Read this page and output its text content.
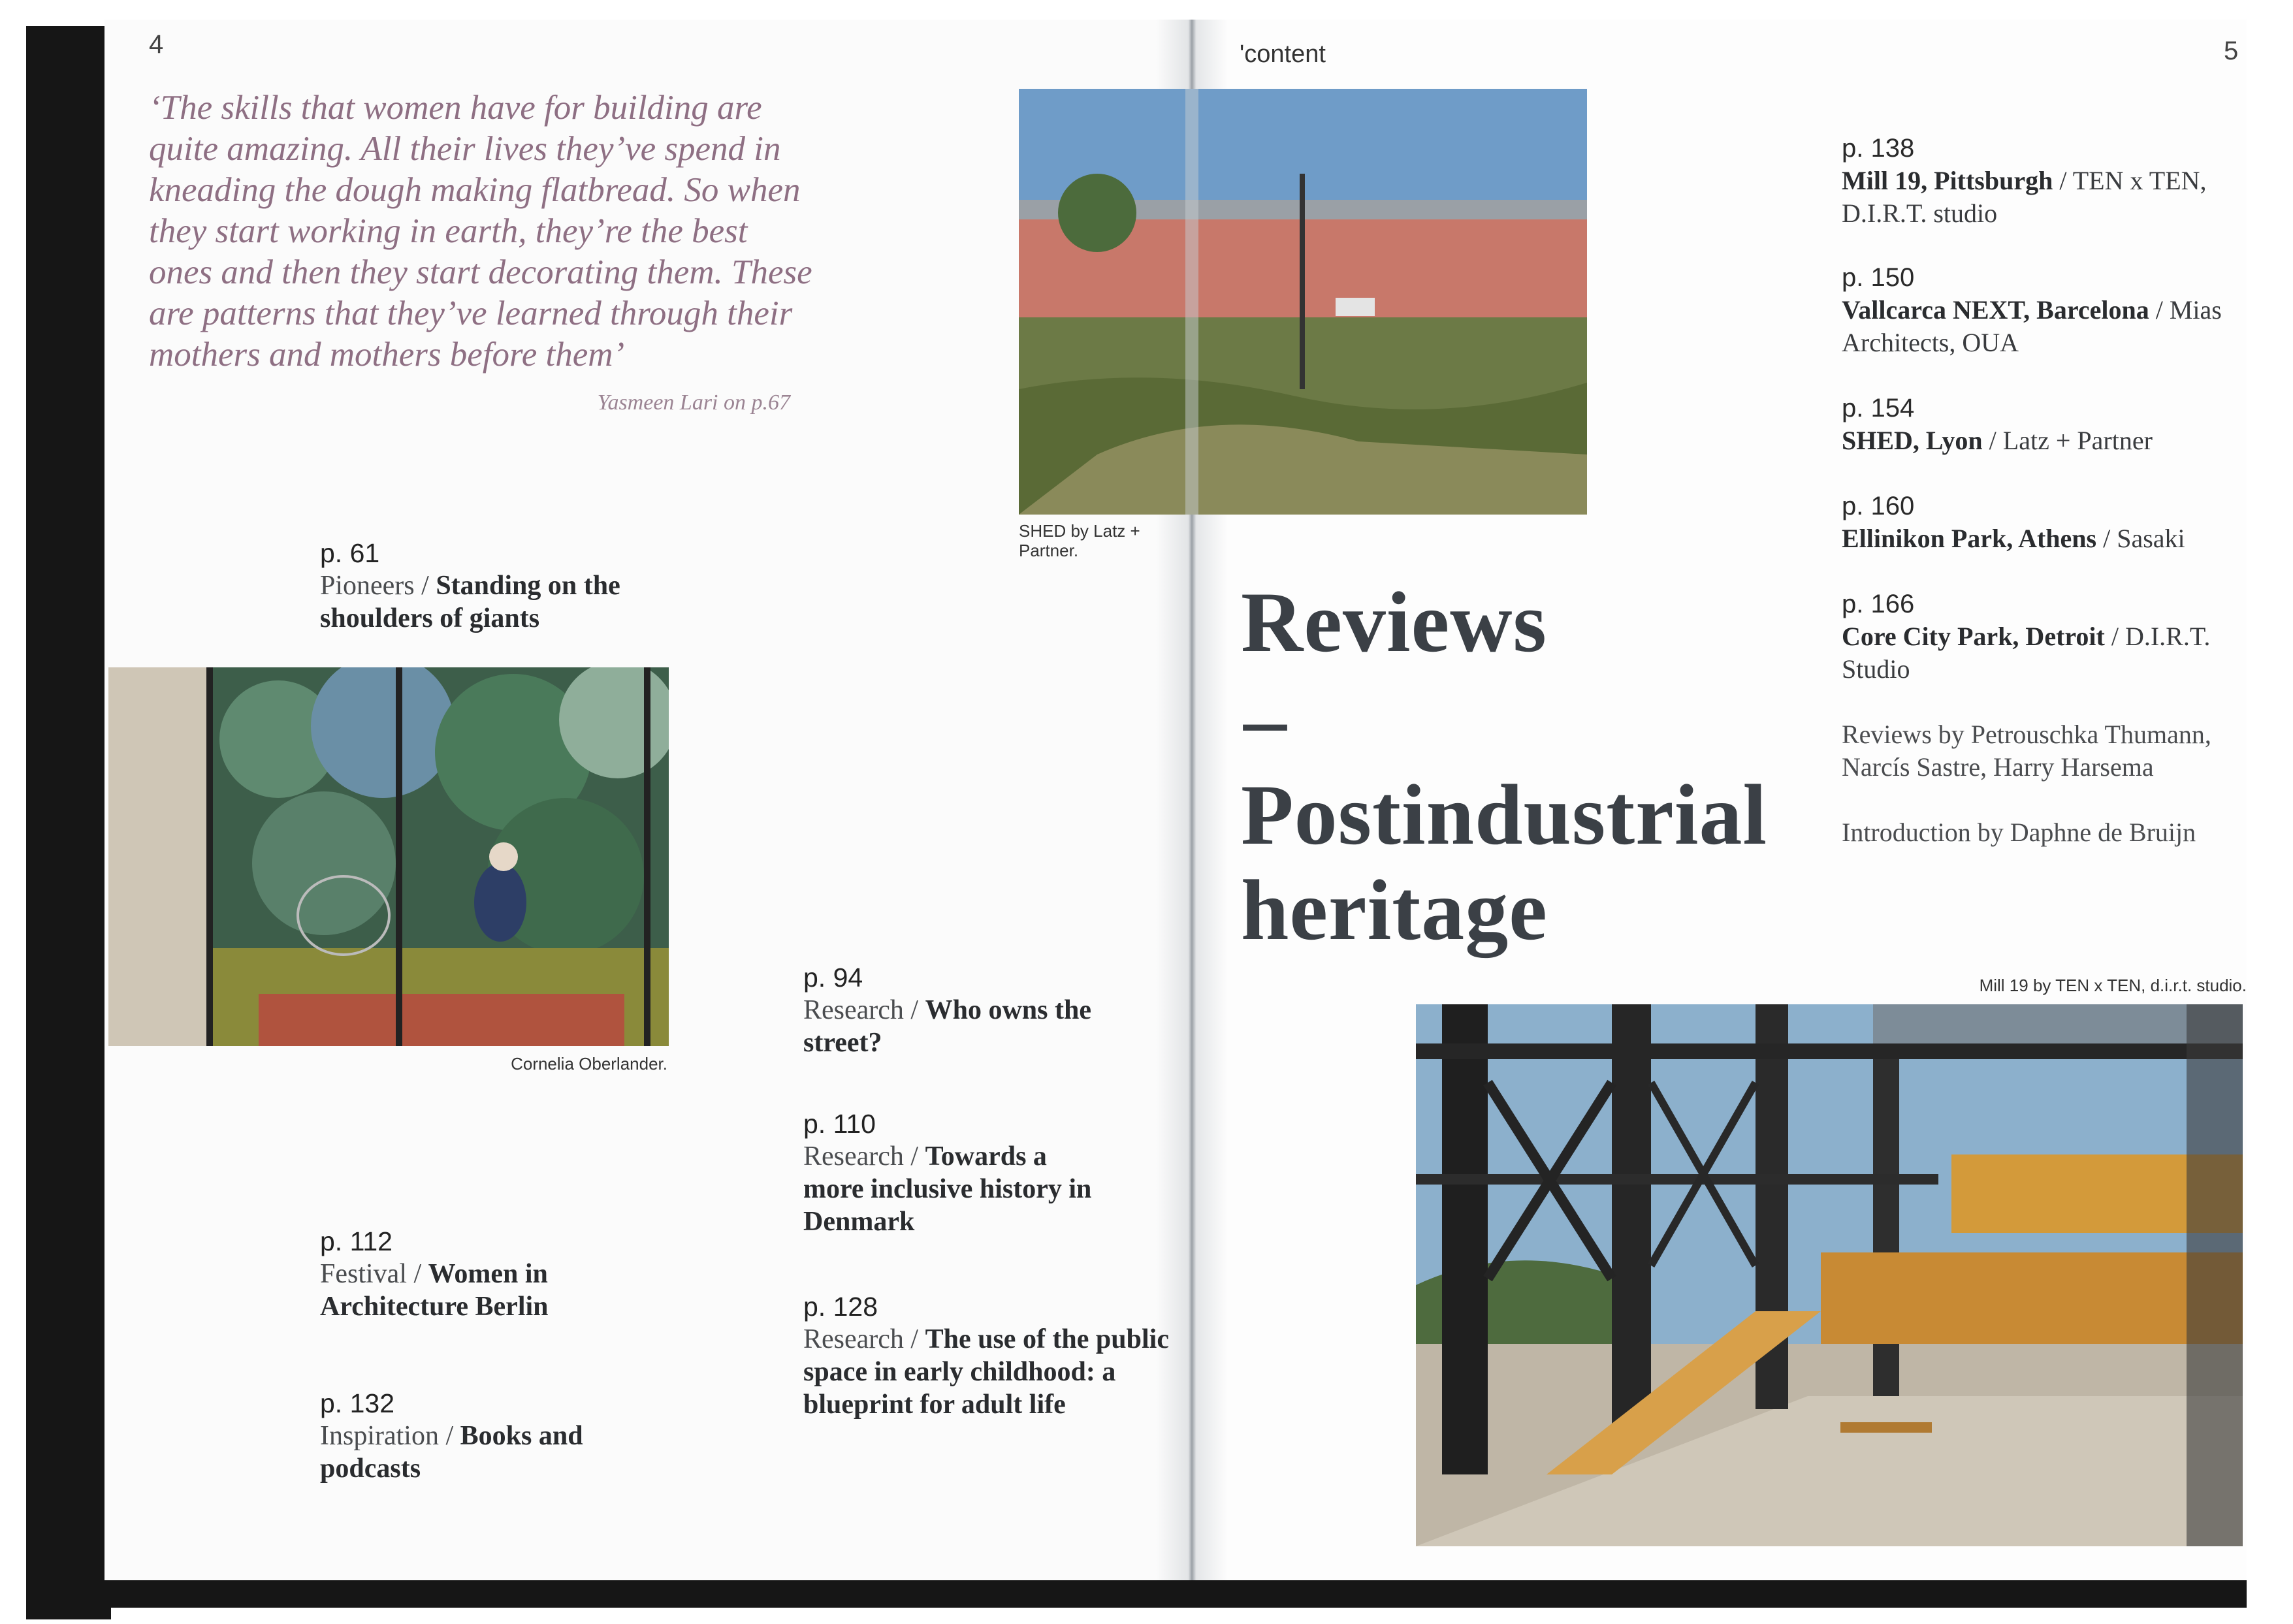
4
‘The skills that women have for building are quite amazing. All their lives they’ve spend in kneading the dough making flatbread. So when they start working in earth, they’re the best ones and then they start decorating them. These are patterns that they’ve learned through their mothers and mothers before them’
Yasmeen Lari on p.67
p. 61
Pioneers / Standing on the shoulders of giants
Cornelia Oberlander.
p. 112
Festival / Women in Architecture Berlin
p. 132
Inspiration / Books and podcasts
p. 94
Research / Who owns the street?
p. 110
Research / Towards a more inclusive history in Denmark
p. 128
Research / The use of the public space in early childhood: a blueprint for adult life
SHED by Latz + Partner.
'content	5
Reviews
–
Postindustrial heritage
p. 138
Mill 19, Pittsburgh / TEN x TEN, D.I.R.T. studio
p. 150
Vallcarca NEXT, Barcelona / Mias Architects, OUA
p. 154
SHED, Lyon / Latz + Partner
p. 160
Ellinikon Park, Athens / Sasaki
p. 166
Core City Park, Detroit / D.I.R.T. Studio
Reviews by Petrouschka Thumann, Narcís Sastre, Harry Harsema
Introduction by Daphne de Bruijn
Mill 19 by TEN x TEN, d.i.r.t. studio.
